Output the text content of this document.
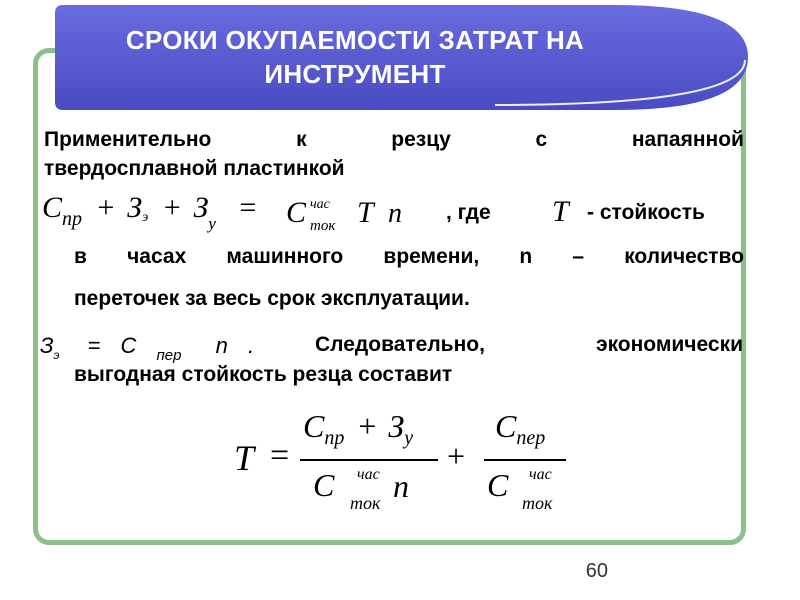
СРОКИ ОКУПАЕМОСТИ ЗАТРАТ НА
ИНСТРУМЕНТ
Применительно	к	резцу	с	напаянной
твердосплавной пластинкой
$C_{пр}$ + Зэ + $З_у = C$ час
ток T n , где T - стойкость
в часах машинного времени, n – количество
переточек за весь срок эксплуатации.
$З_э = C$ $_{пер}$ n .	Следовательно,	экономически
выгодная стойкость резца составит
T =
$C_{пр} + З_у$
C час
ток n
+
$C_{пер}$
C час
ток
60
